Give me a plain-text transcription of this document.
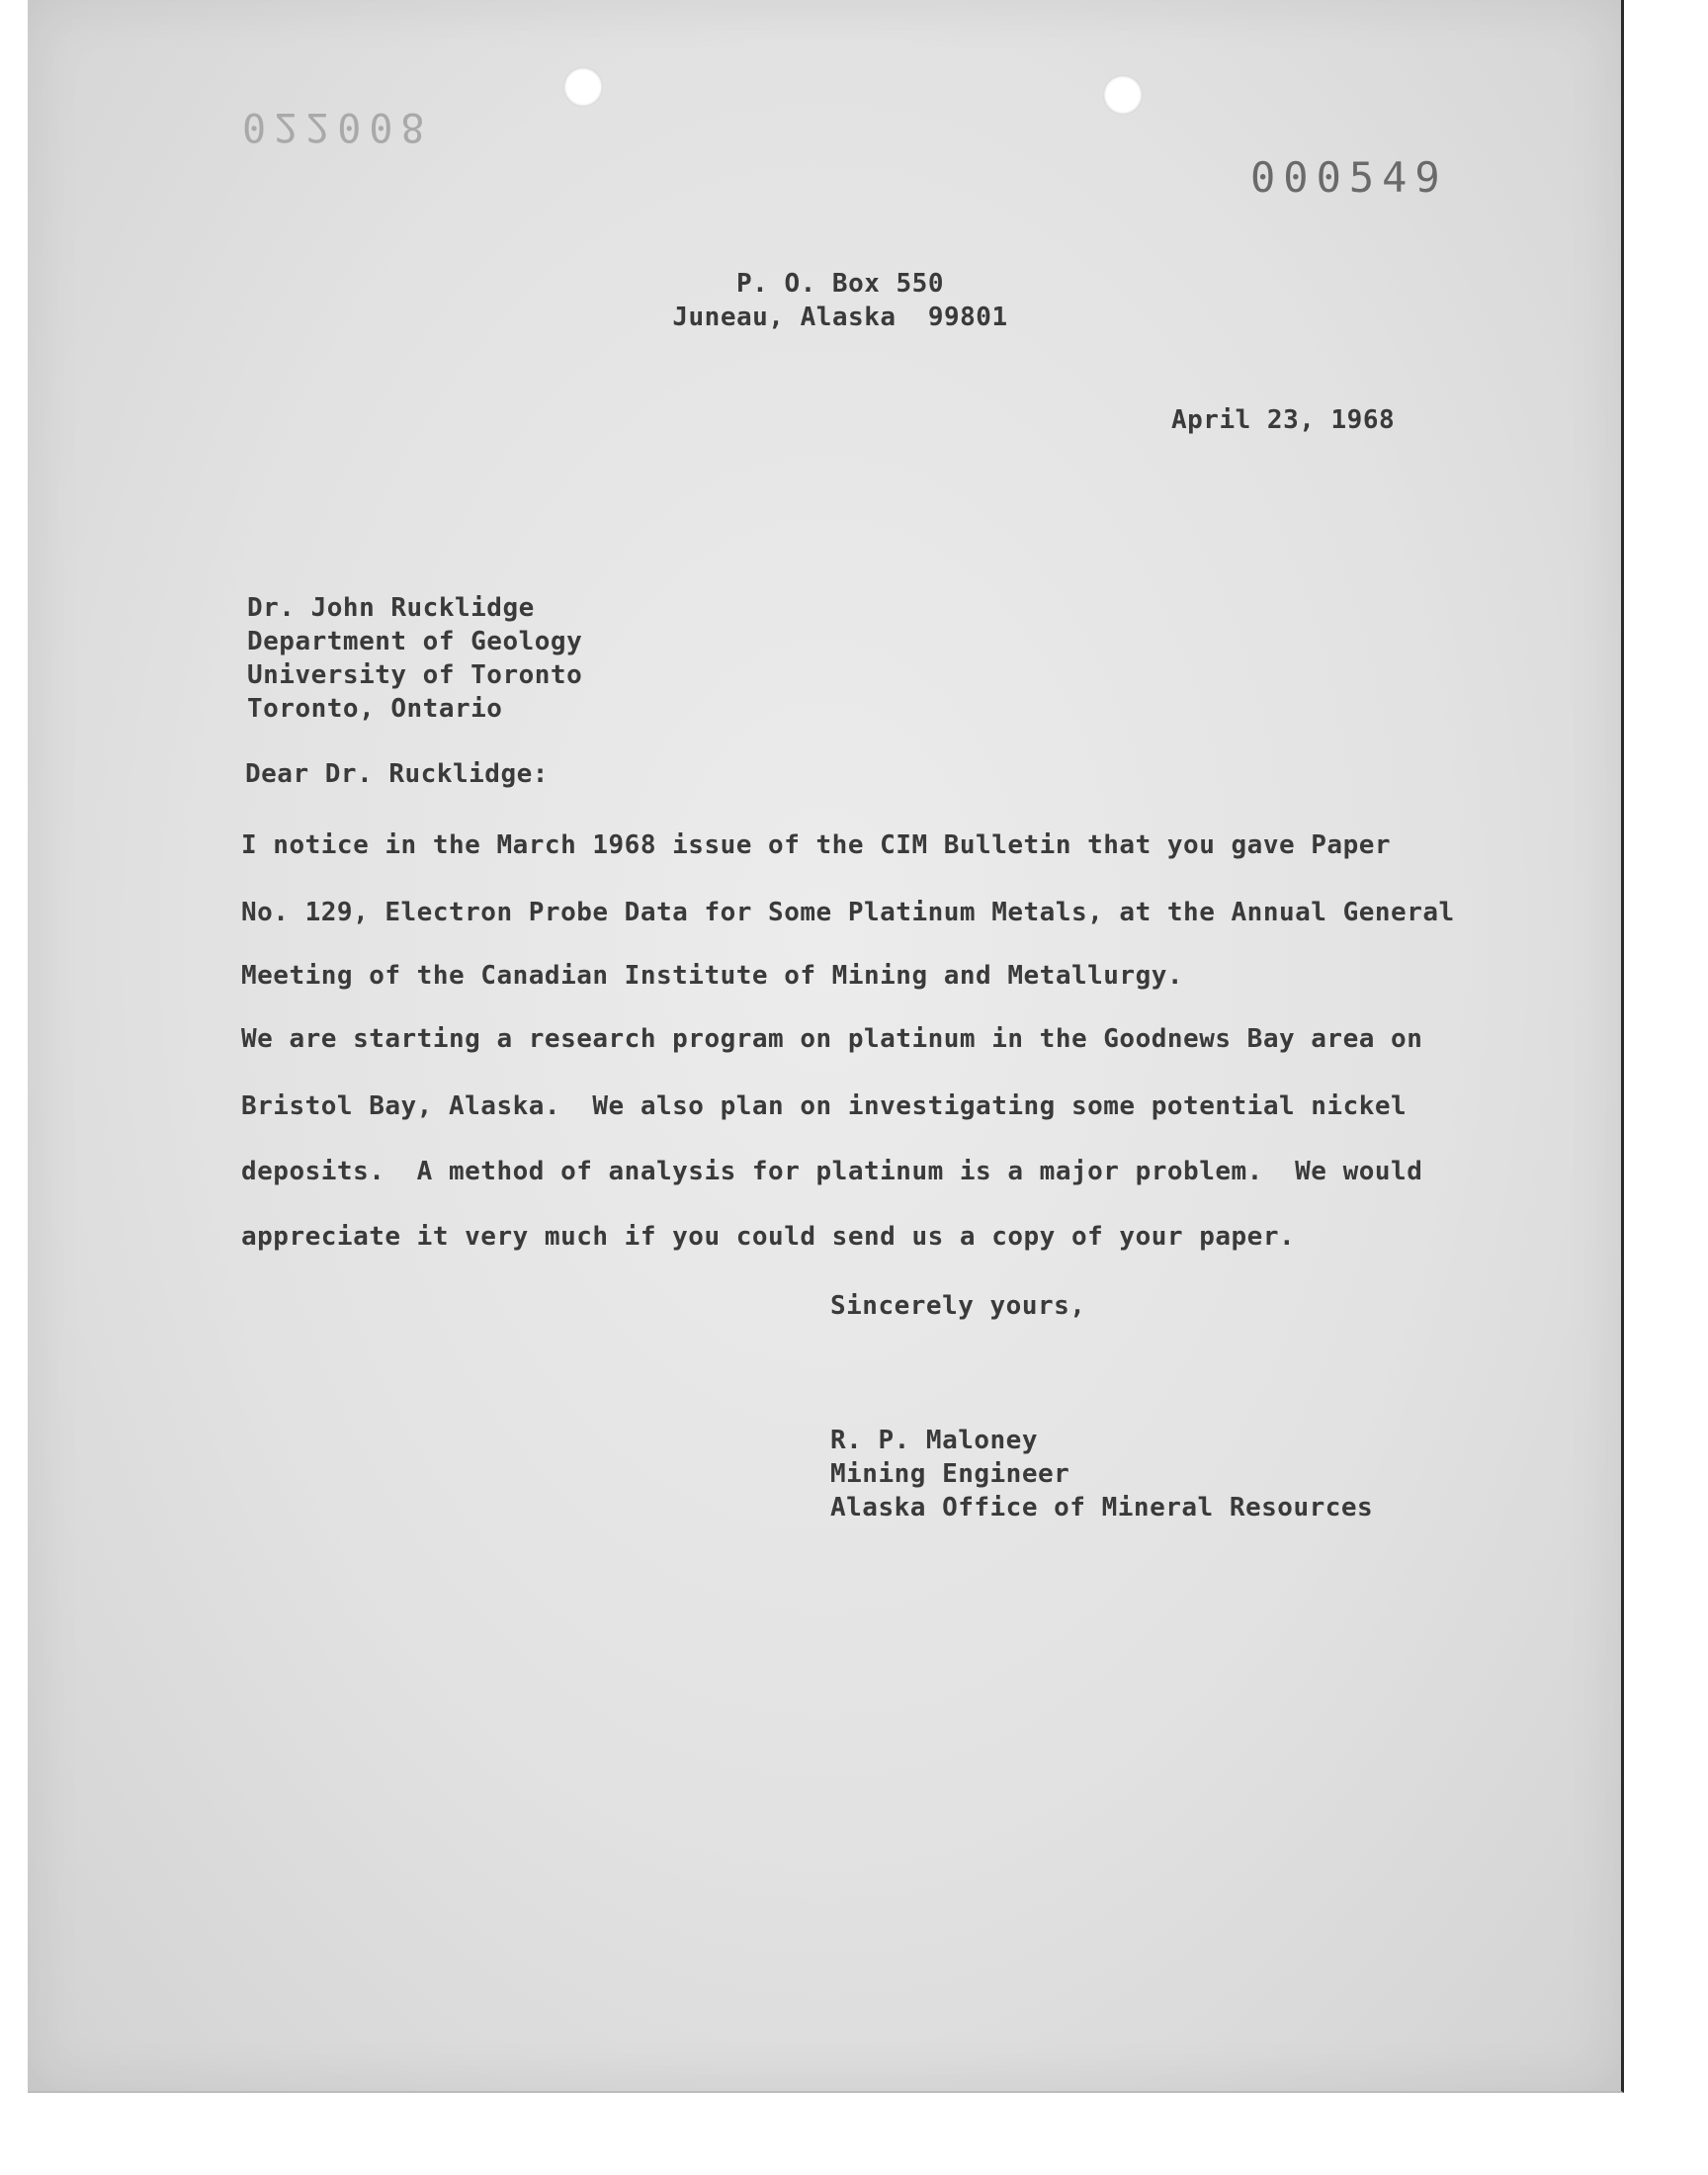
022008
000549
P. O. Box 550
Juneau, Alaska  99801
April 23, 1968
Dr. John Rucklidge
Department of Geology
University of Toronto
Toronto, Ontario
Dear Dr. Rucklidge:
I notice in the March 1968 issue of the CIM Bulletin that you gave Paper
No. 129, Electron Probe Data for Some Platinum Metals, at the Annual General
Meeting of the Canadian Institute of Mining and Metallurgy.
We are starting a research program on platinum in the Goodnews Bay area on
Bristol Bay, Alaska.  We also plan on investigating some potential nickel
deposits.  A method of analysis for platinum is a major problem.  We would
appreciate it very much if you could send us a copy of your paper.
Sincerely yours,
R. P. Maloney
Mining Engineer
Alaska Office of Mineral Resources
